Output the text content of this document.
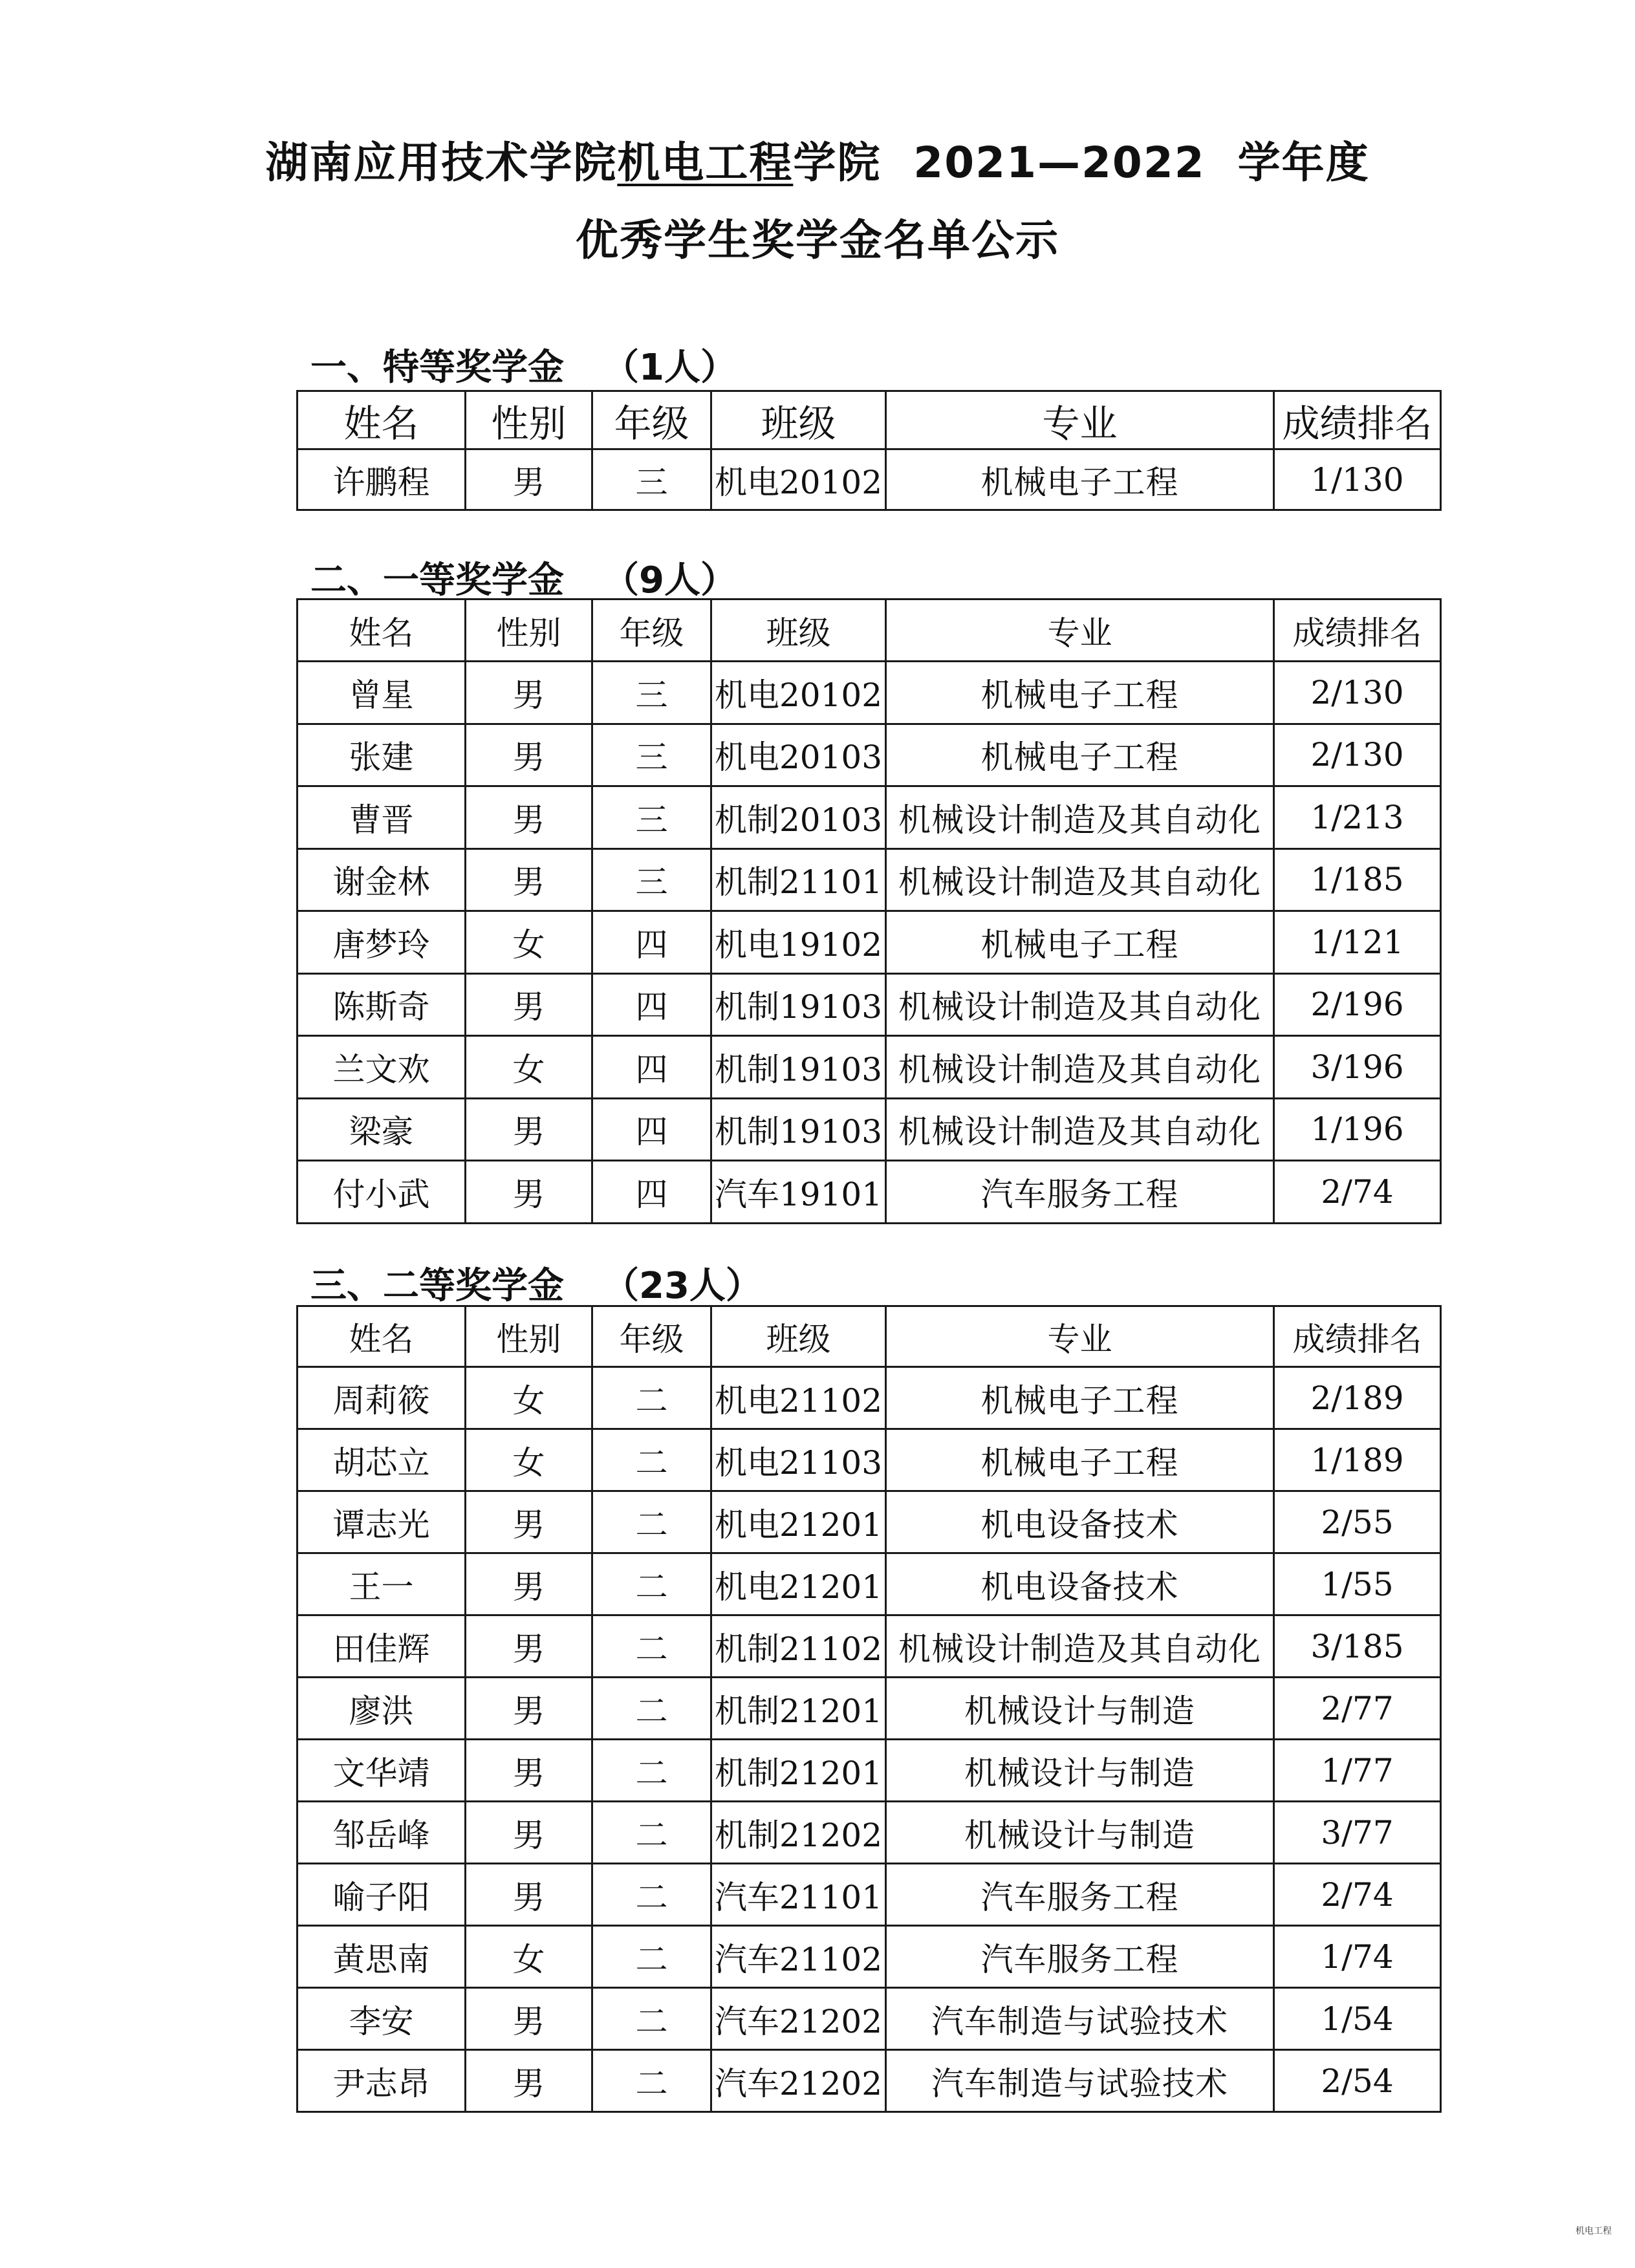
湖南应用技术学院机电工程学院  2021—2022  学年度
优秀学生奖学金名单公示
一、特等奖学金 （1人）
姓名	性别	年级	班级	专业	成绩排名
许鹏程	男	三	机电20102	机械电子工程	1/130
二、一等奖学金 （9人）
姓名	性别	年级	班级	专业	成绩排名
曾星	男	三	机电20102	机械电子工程	2/130
张建	男	三	机电20103	机械电子工程	2/130
曹晋	男	三	机制20103	机械设计制造及其自动化	1/213
谢金林	男	三	机制21101	机械设计制造及其自动化	1/185
唐梦玲	女	四	机电19102	机械电子工程	1/121
陈斯奇	男	四	机制19103	机械设计制造及其自动化	2/196
兰文欢	女	四	机制19103	机械设计制造及其自动化	3/196
梁豪	男	四	机制19103	机械设计制造及其自动化	1/196
付小武	男	四	汽车19101	汽车服务工程	2/74
三、二等奖学金 （23人）
姓名	性别	年级	班级	专业	成绩排名
周莉筱	女	二	机电21102	机械电子工程	2/189
胡芯立	女	二	机电21103	机械电子工程	1/189
谭志光	男	二	机电21201	机电设备技术	2/55
王一	男	二	机电21201	机电设备技术	1/55
田佳辉	男	二	机制21102	机械设计制造及其自动化	3/185
廖洪	男	二	机制21201	机械设计与制造	2/77
文华靖	男	二	机制21201	机械设计与制造	1/77
邹岳峰	男	二	机制21202	机械设计与制造	3/77
喻子阳	男	二	汽车21101	汽车服务工程	2/74
黄思南	女	二	汽车21102	汽车服务工程	1/74
李安	男	二	汽车21202	汽车制造与试验技术	1/54
尹志昂	男	二	汽车21202	汽车制造与试验技术	2/54
机电工程
